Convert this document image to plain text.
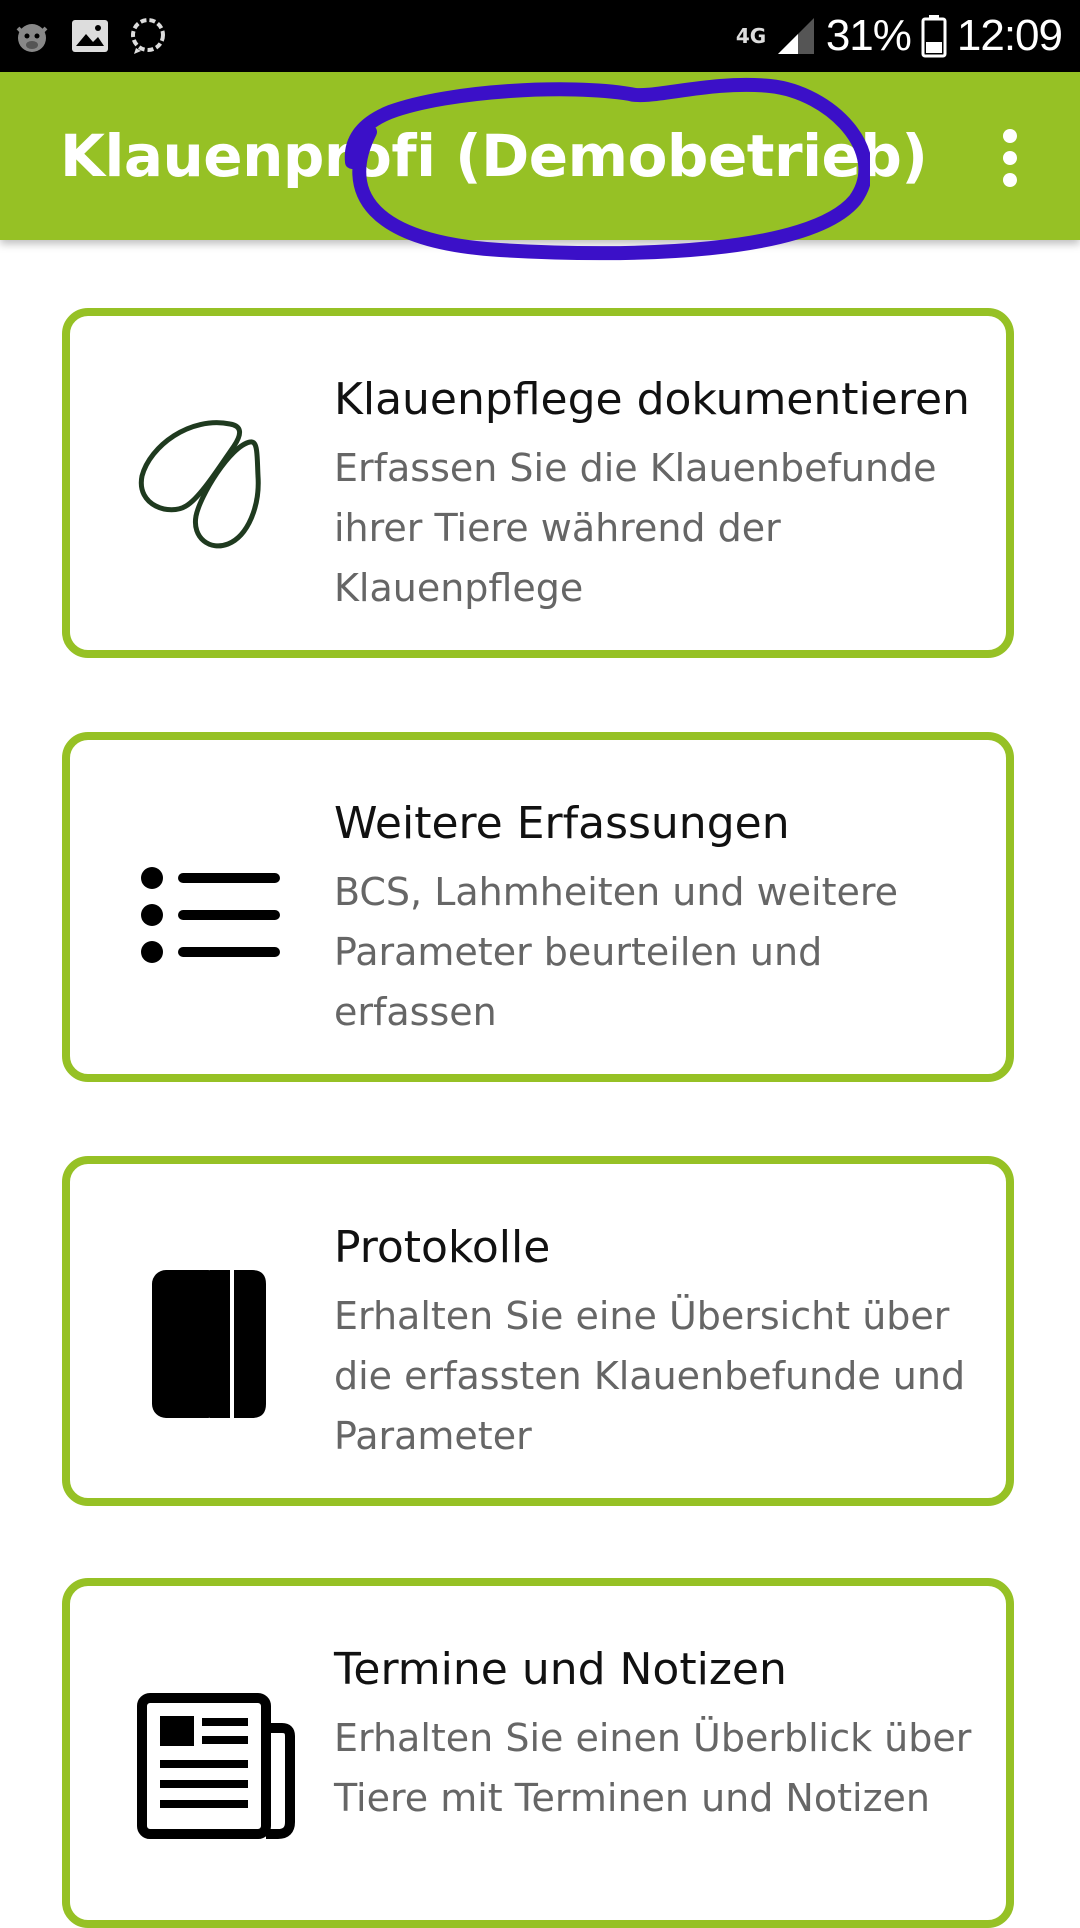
4G 31% 12:09
Klauenprofi (Demobetrieb)
Klauenpflege dokumentieren
Erfassen Sie die Klauenbefunde ihrer Tiere während der Klauenpflege
Weitere Erfassungen
BCS, Lahmheiten und weitere Parameter beurteilen und erfassen
Protokolle
Erhalten Sie eine Übersicht über die erfassten Klauenbefunde und Parameter
Termine und Notizen
Erhalten Sie einen Überblick über Tiere mit Terminen und Notizen
